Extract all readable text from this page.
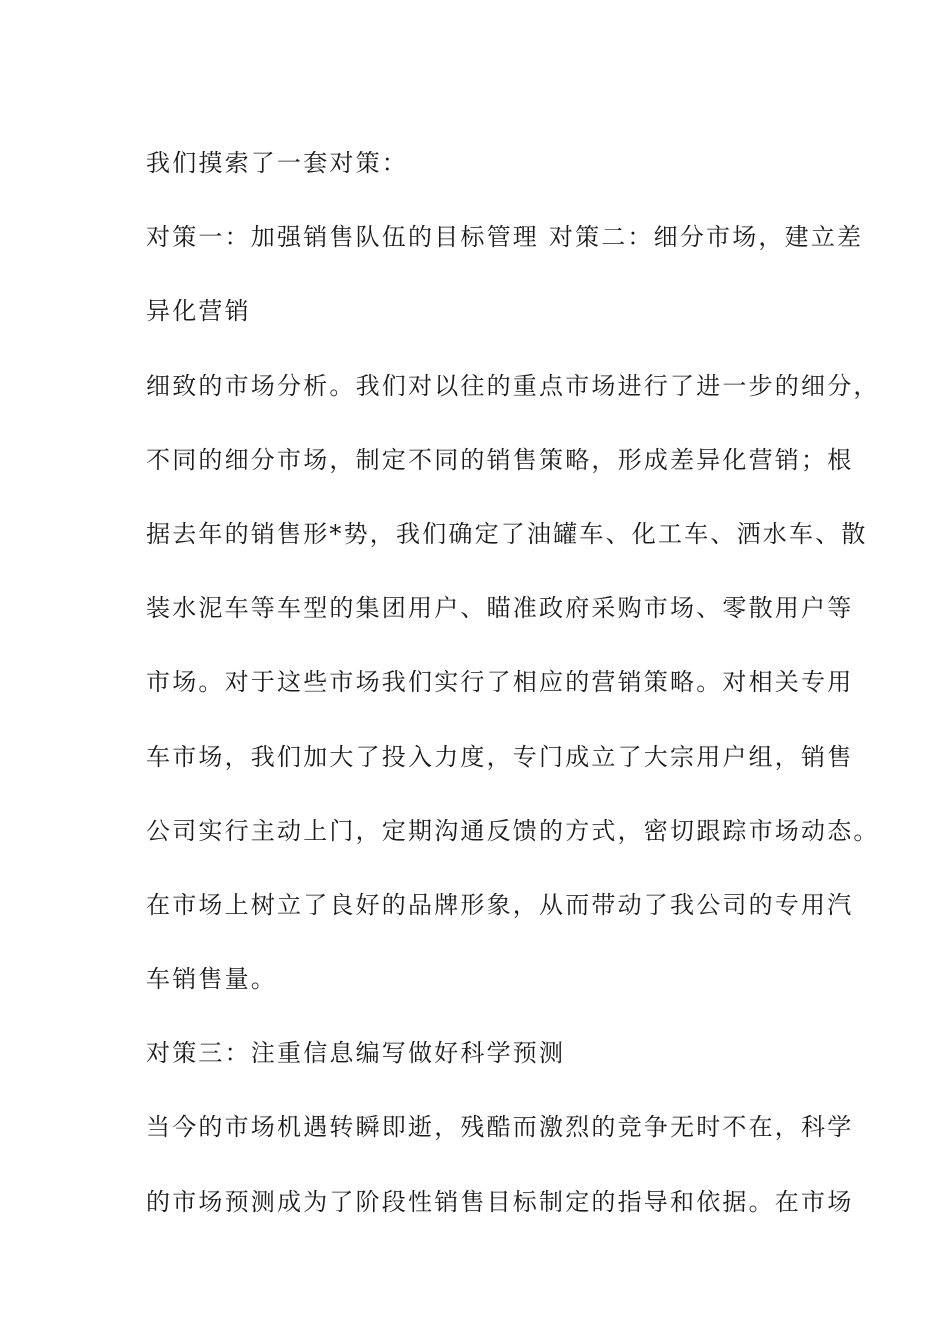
我们摸索了一套对策：
对策一：加强销售队伍的目标管理 对策二：细分市场，建立差
异化营销
细致的市场分析。我们对以往的重点市场进行了进一步的细分，
不同的细分市场，制定不同的销售策略，形成差异化营销；根
据去年的销售形*势，我们确定了油罐车、化工车、洒水车、散
装水泥车等车型的集团用户、瞄准政府采购市场、零散用户等
市场。对于这些市场我们实行了相应的营销策略。对相关专用
车市场，我们加大了投入力度，专门成立了大宗用户组，销售
公司实行主动上门，定期沟通反馈的方式，密切跟踪市场动态。
在市场上树立了良好的品牌形象，从而带动了我公司的专用汽
车销售量。
对策三：注重信息编写做好科学预测
当今的市场机遇转瞬即逝，残酷而激烈的竞争无时不在，科学
的市场预测成为了阶段性销售目标制定的指导和依据。在市场
